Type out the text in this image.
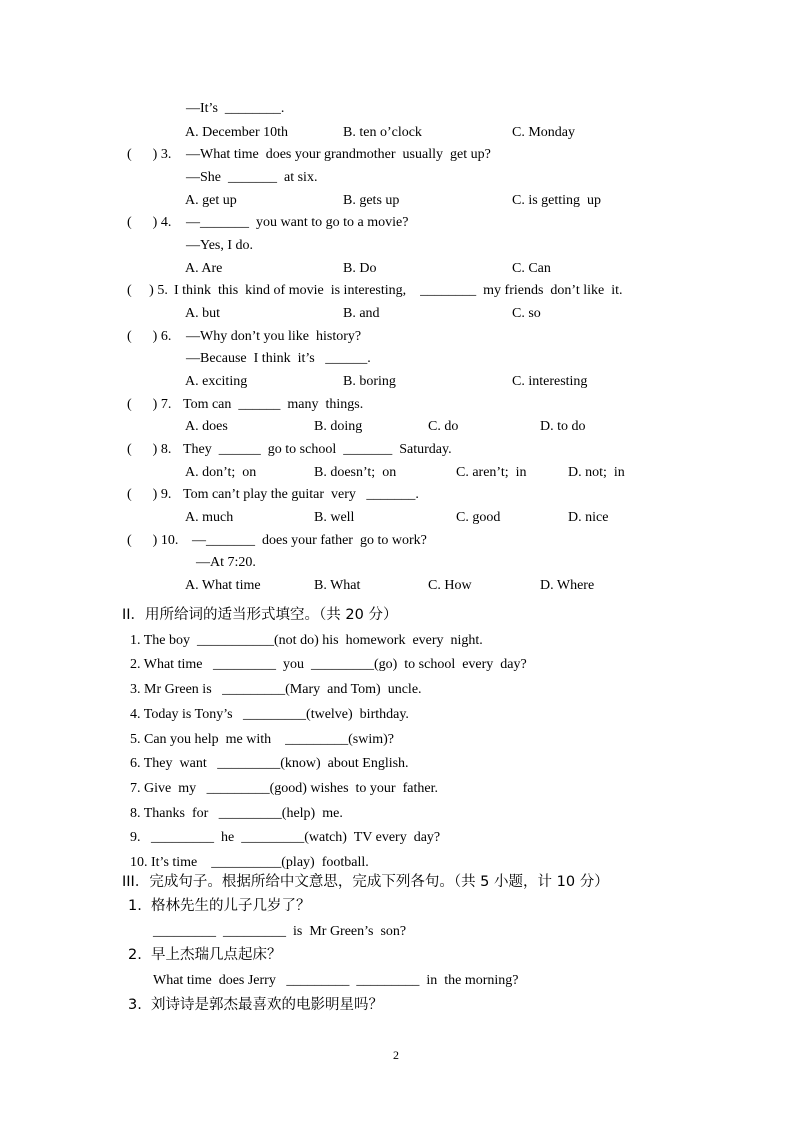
—It’s  ________.
A. December 10th	B. ten o’clock	C. Monday
(      ) 3. —What time  does your grandmother  usually  get up?
—She  _______  at six.
A. get up	B. gets up	C. is getting  up
(      ) 4. —_______  you want to go to a movie?
—Yes, I do.
A. Are	B. Do	C. Can
(     ) 5. I think  this  kind of movie  is interesting,    ________  my friends  don’t like  it.
A. but	B. and	C. so
(      ) 6. —Why don’t you like  history?
—Because  I think  it’s   ______.
A. exciting	B. boring	C. interesting
(      ) 7. Tom can  ______  many  things.
A. does	B. doing	C. do	D. to do
(      ) 8. They  ______  go to school  _______  Saturday.
A. don’t;  on	B. doesn’t;  on	C. aren’t;  in	D. not;  in
(      ) 9. Tom can’t play the guitar  very   _______.
A. much	B. well	C. good	D. nice
(      ) 10. —_______  does your father  go to work?
—At 7:20.
A. What time	B. What	C. How	D. Where
II．用所给词的适当形式填空。（共 20 分）
1. The boy  ___________(not do) his  homework  every  night.
2. What time   _________  you  _________(go)  to school  every  day?
3. Mr Green is   _________(Mary  and Tom)  uncle.
4. Today is Tony’s   _________(twelve)  birthday.
5. Can you help  me with    _________(swim)?
6. They  want   _________(know)  about English.
7. Give  my   _________(good) wishes  to your  father.
8. Thanks  for   _________(help)  me.
9.   _________  he  _________(watch)  TV every  day?
10. It’s time    __________(play)  football.
III．完成句子。根据所给中文意思，完成下列各句。（共 5 小题，计 10 分）
1.  格林先生的儿子几岁了？
_________  _________  is  Mr Green’s  son?
2.  早上杰瑞几点起床？
What time  does Jerry   _________  _________  in  the morning?
3.  刘诗诗是郭杰最喜欢的电影明星吗？
2
